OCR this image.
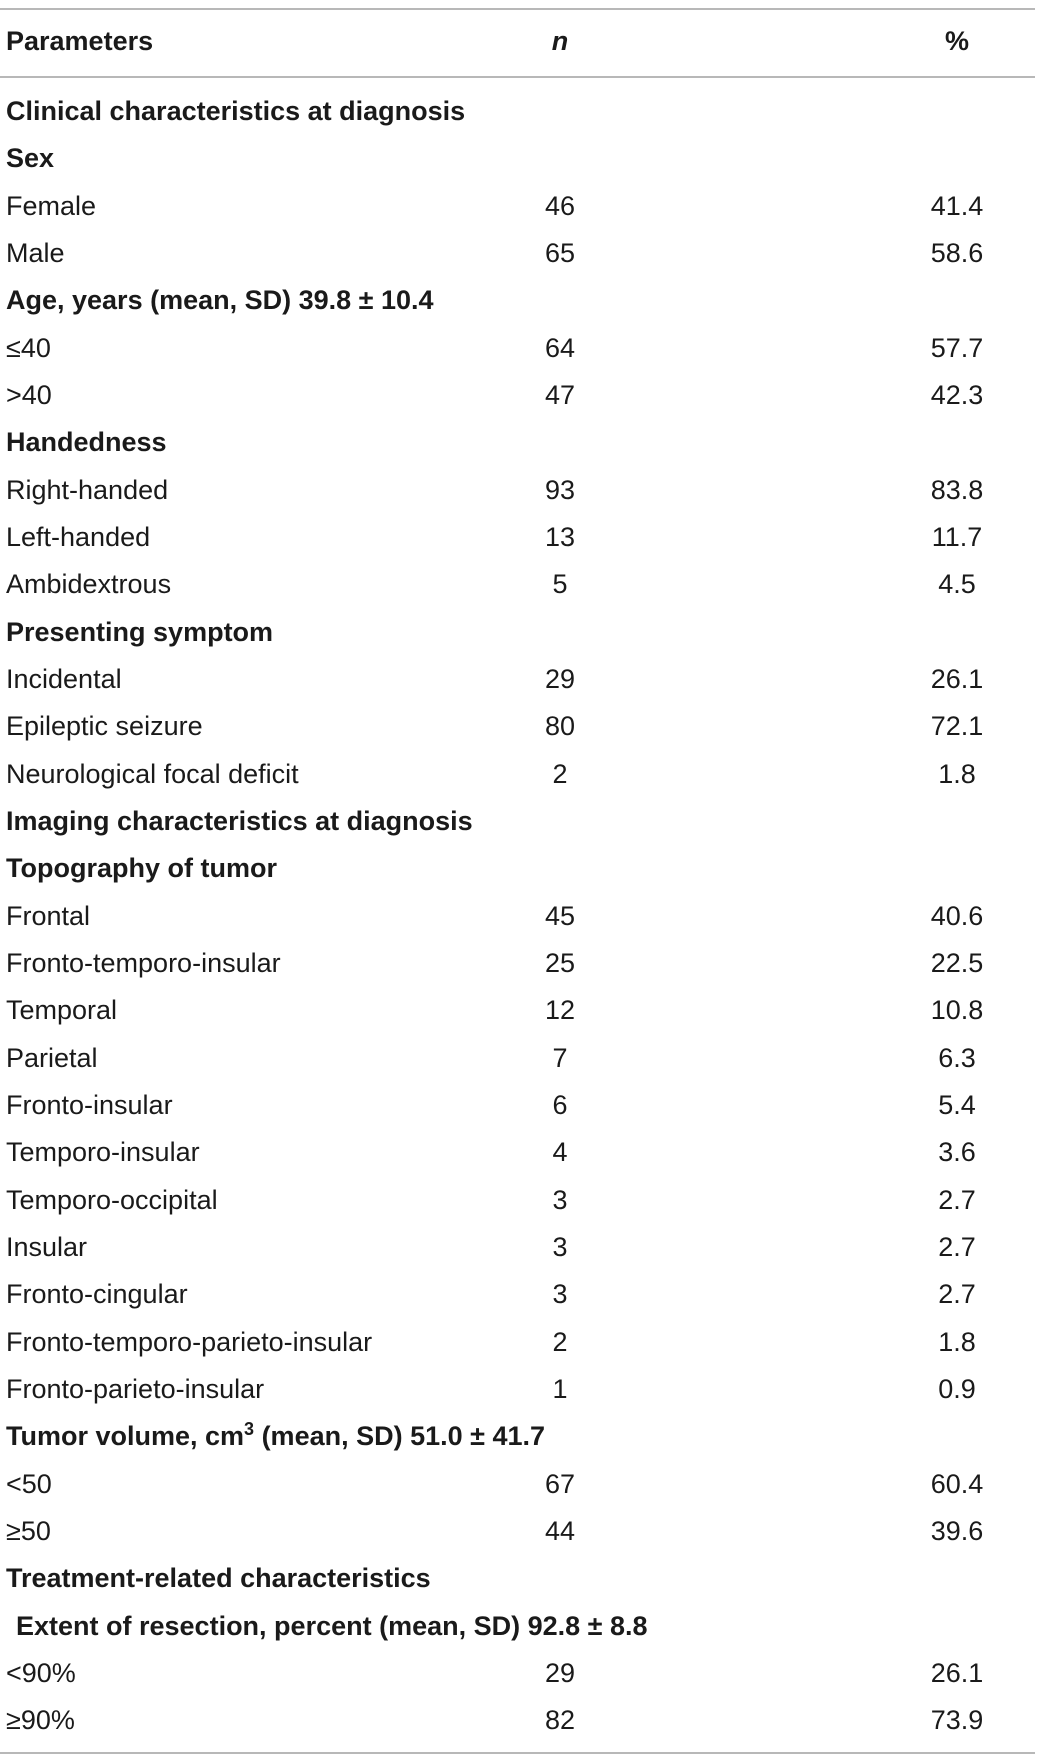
Parameters	n	%
Clinical characteristics at diagnosis
Sex
Female	46	41.4
Male	65	58.6
Age, years (mean, SD) 39.8 ± 10.4
≤40	64	57.7
>40	47	42.3
Handedness
Right-handed	93	83.8
Left-handed	13	11.7
Ambidextrous	5	4.5
Presenting symptom
Incidental	29	26.1
Epileptic seizure	80	72.1
Neurological focal deficit	2	1.8
Imaging characteristics at diagnosis
Topography of tumor
Frontal	45	40.6
Fronto-temporo-insular	25	22.5
Temporal	12	10.8
Parietal	7	6.3
Fronto-insular	6	5.4
Temporo-insular	4	3.6
Temporo-occipital	3	2.7
Insular	3	2.7
Fronto-cingular	3	2.7
Fronto-temporo-parieto-insular	2	1.8
Fronto-parieto-insular	1	0.9
Tumor volume, $cm^3$ (mean, SD) 51.0 ± 41.7
<50	67	60.4
≥50	44	39.6
Treatment-related characteristics
Extent of resection, percent (mean, SD) 92.8 ± 8.8
<90%	29	26.1
≥90%	82	73.9
